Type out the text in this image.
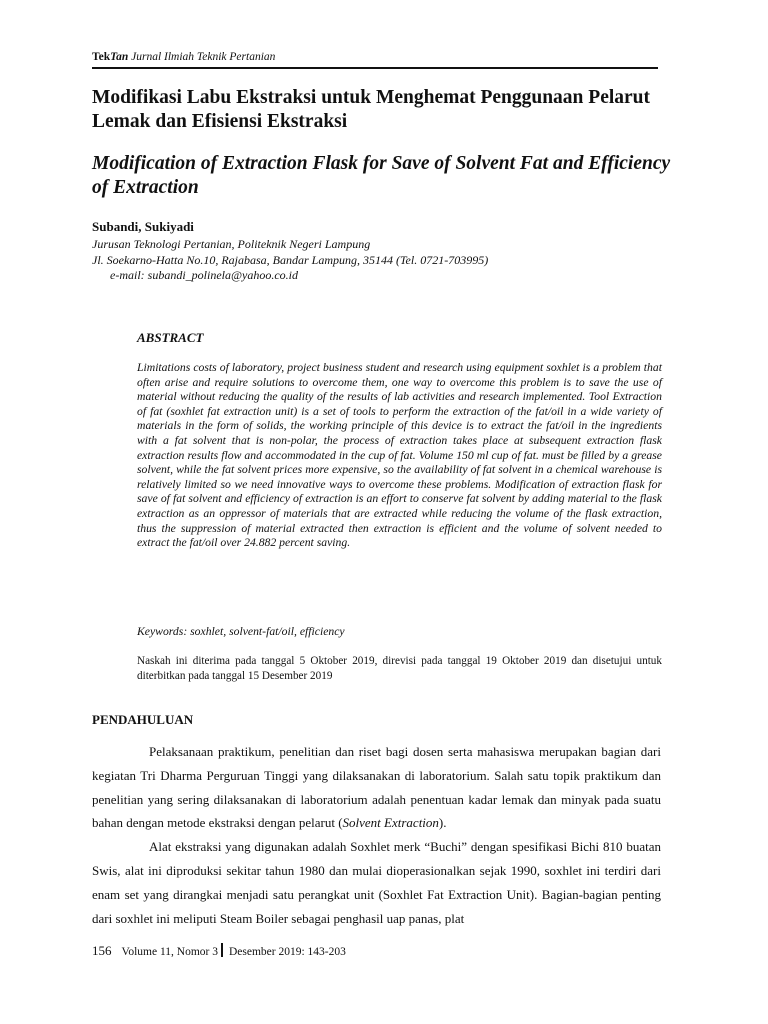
TekTan Jurnal Ilmiah Teknik Pertanian
Modifikasi Labu Ekstraksi untuk Menghemat Penggunaan Pelarut Lemak dan Efisiensi Ekstraksi
Modification of Extraction Flask for Save of Solvent Fat and Efficiency of Extraction
Subandi, Sukiyadi
Jurusan Teknologi Pertanian, Politeknik Negeri Lampung
Jl. Soekarno-Hatta No.10, Rajabasa, Bandar Lampung, 35144 (Tel. 0721-703995)
e-mail: subandi_polinela@yahoo.co.id
ABSTRACT
Limitations costs of laboratory, project business student and research using equipment soxhlet is a problem that often arise and require solutions to overcome them, one way to overcome this problem is to save the use of material without reducing the quality of the results of lab activities and research implemented. Tool Extraction of fat (soxhlet fat extraction unit) is a set of tools to perform the extraction of the fat/oil in a wide variety of materials in the form of solids, the working principle of this device is to extract the fat/oil in the ingredients with a fat solvent that is non-polar, the process of extraction takes place at subsequent extraction flask extraction results flow and accommodated in the cup of fat. Volume 150 ml cup of fat. must be filled by a grease solvent, while the fat solvent prices more expensive, so the availability of fat solvent in a chemical warehouse is relatively limited so we need innovative ways to overcome these problems. Modification of extraction flask for save of fat solvent and efficiency of extraction is an effort to conserve fat solvent by adding material to the flask extraction as an oppressor of materials that are extracted while reducing the volume of the flask extraction, thus the suppression of material extracted then extraction is efficient and the volume of solvent needed to extract the fat/oil over 24.882 percent saving.
Keywords: soxhlet, solvent-fat/oil, efficiency
Naskah ini diterima pada tanggal 5 Oktober 2019, direvisi pada tanggal 19 Oktober 2019 dan disetujui untuk diterbitkan pada tanggal 15 Desember 2019
PENDAHULUAN

Pelaksanaan praktikum, penelitian dan riset bagi dosen serta mahasiswa merupakan bagian dari kegiatan Tri Dharma Perguruan Tinggi yang dilaksanakan di laboratorium. Salah satu topik praktikum dan penelitian yang sering dilaksanakan di laboratorium adalah penentuan kadar lemak dan minyak pada suatu bahan dengan metode ekstraksi dengan pelarut (Solvent Extraction).

Alat ekstraksi yang digunakan adalah Soxhlet merk “Buchi” dengan spesifikasi Bichi 810 buatan Swis, alat ini diproduksi sekitar tahun 1980 dan mulai dioperasionalkan sejak 1990, soxhlet ini terdiri dari enam set yang dirangkai menjadi satu perangkat unit (Soxhlet Fat Extraction Unit). Bagian-bagian penting dari soxhlet ini meliputi Steam Boiler sebagai penghasil uap panas, plat

156 Volume 11, Nomor 3 Desember 2019: 143-203
